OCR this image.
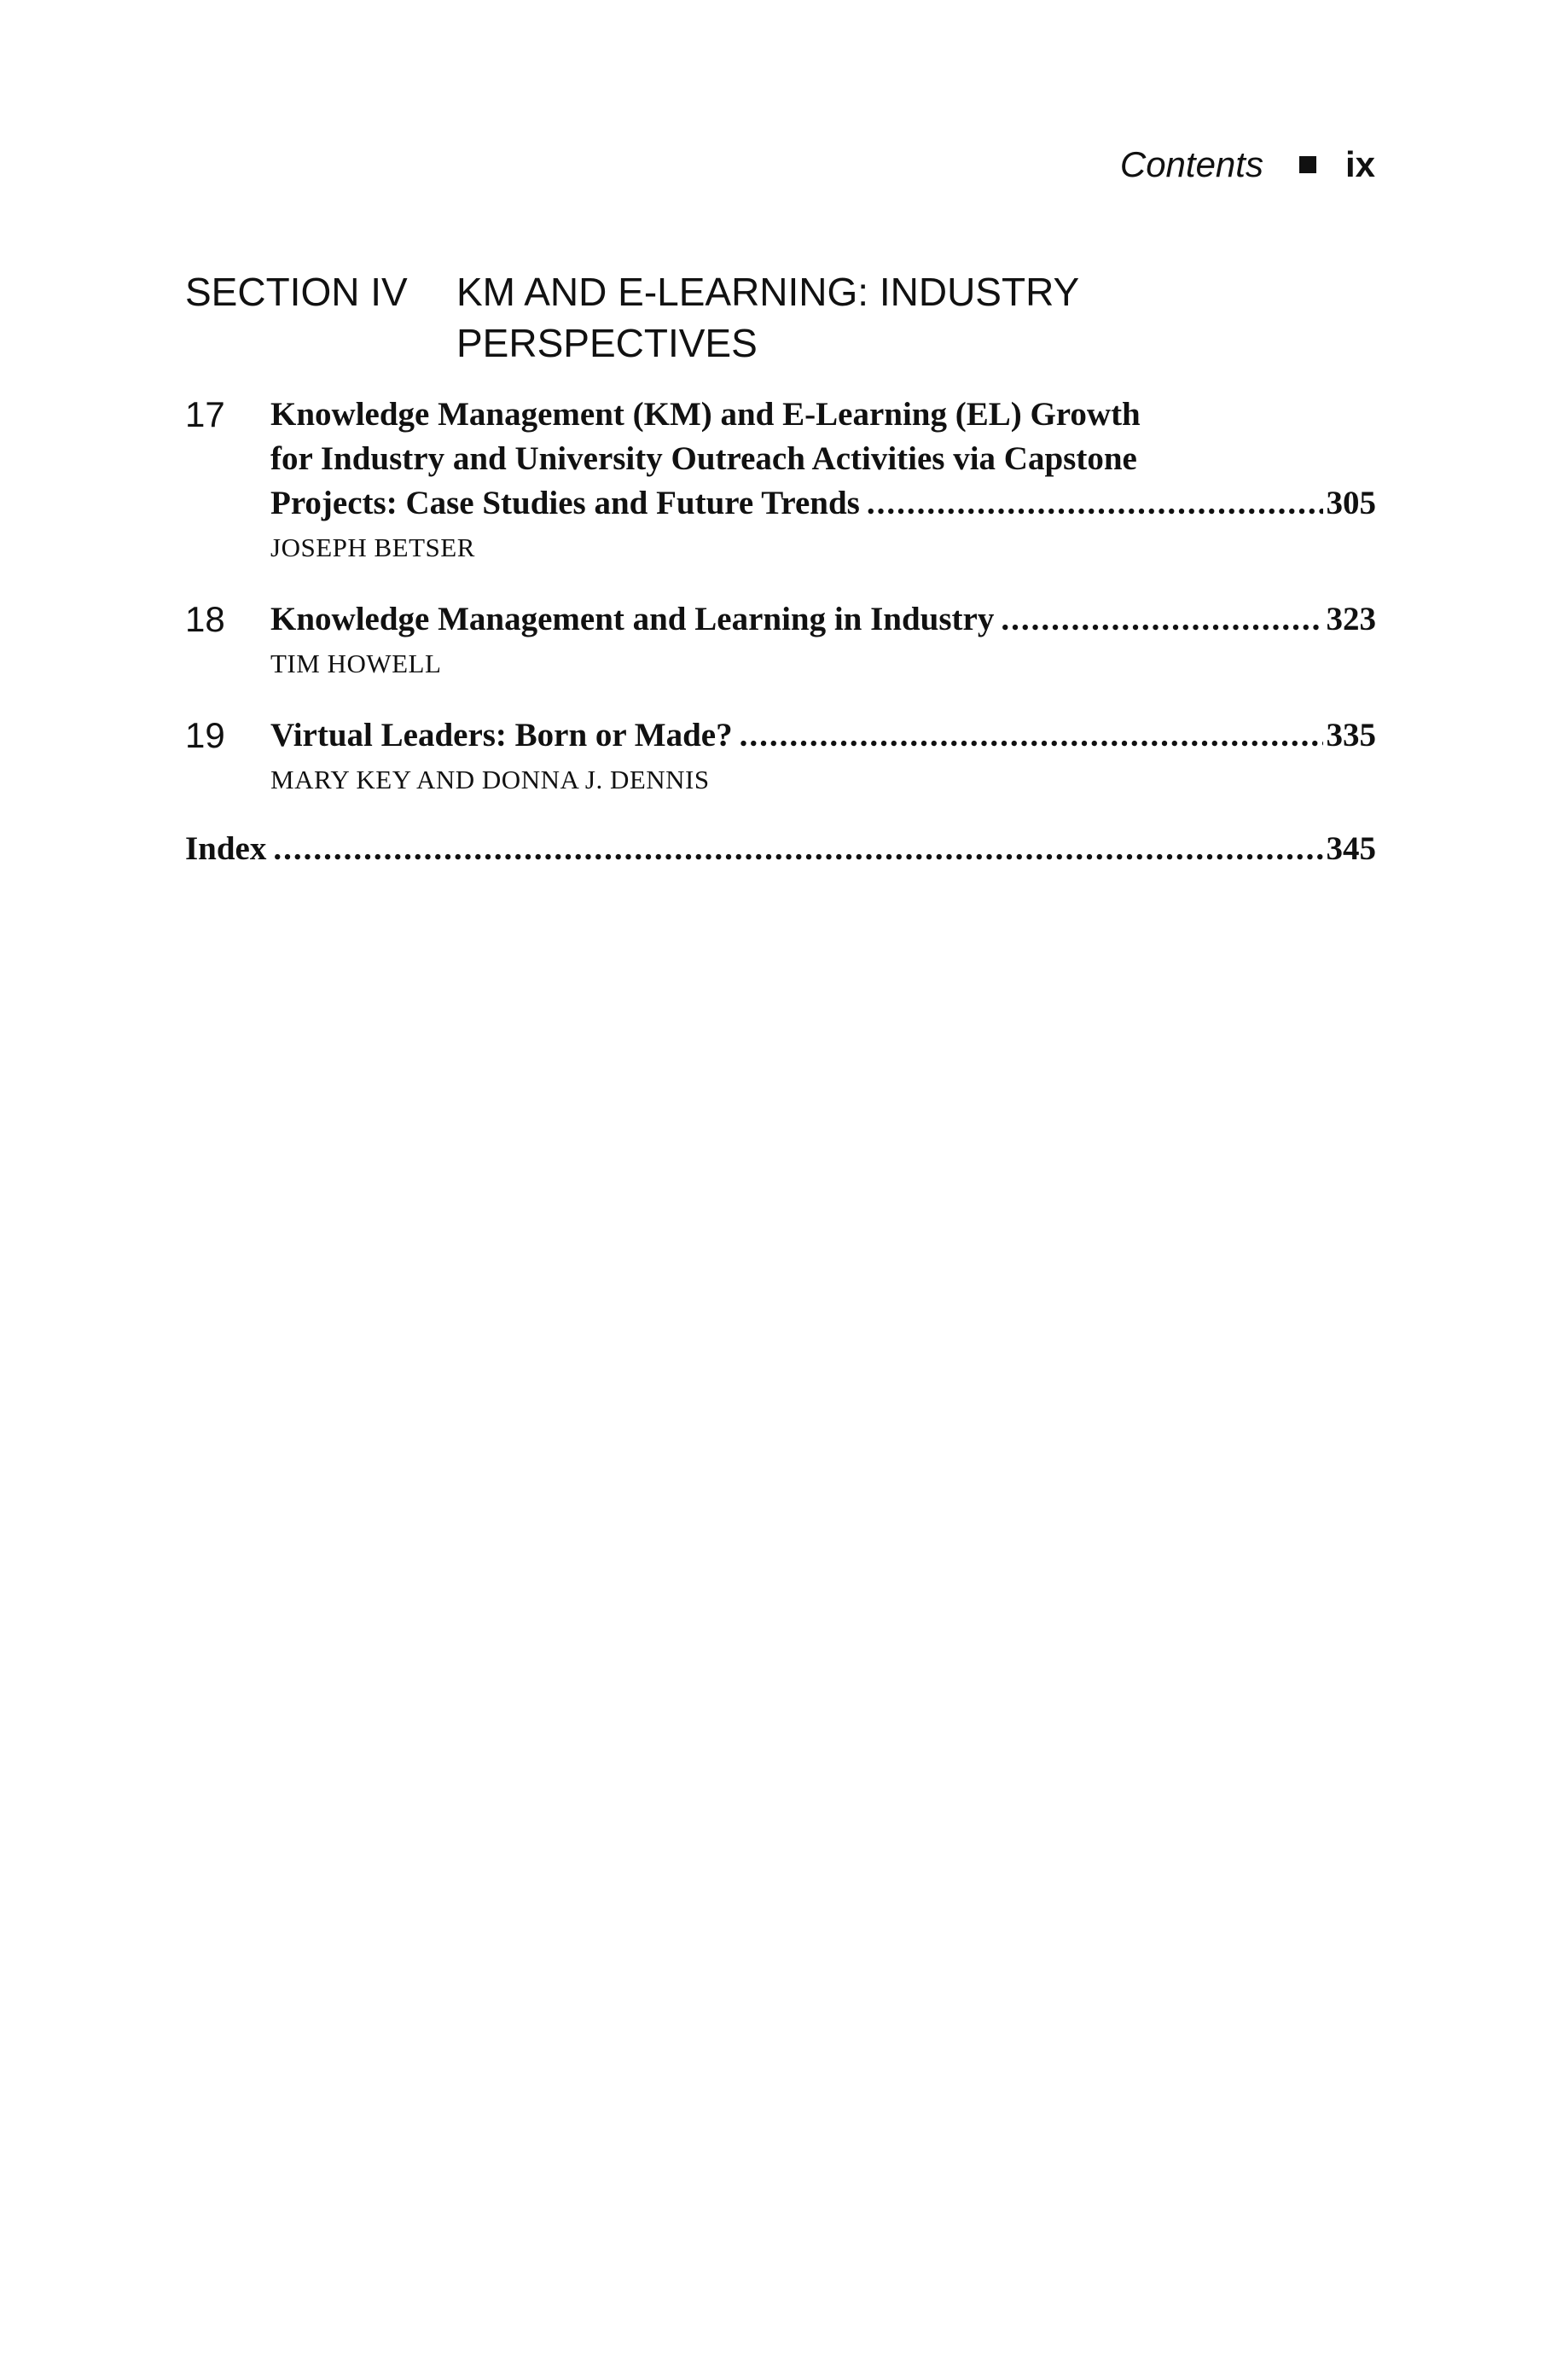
Contents ix
SECTION IV KM AND E-LEARNING: INDUSTRY PERSPECTIVES
17 Knowledge Management (KM) and E-Learning (EL) Growth
for Industry and University Outreach Activities via Capstone
Projects: Case Studies and Future Trends .....	305
JOSEPH BETSER
18 Knowledge Management and Learning in Industry .....	323
TIM HOWELL
19 Virtual Leaders: Born or Made? .....	335
MARY KEY AND DONNA J. DENNIS
Index .....	345
